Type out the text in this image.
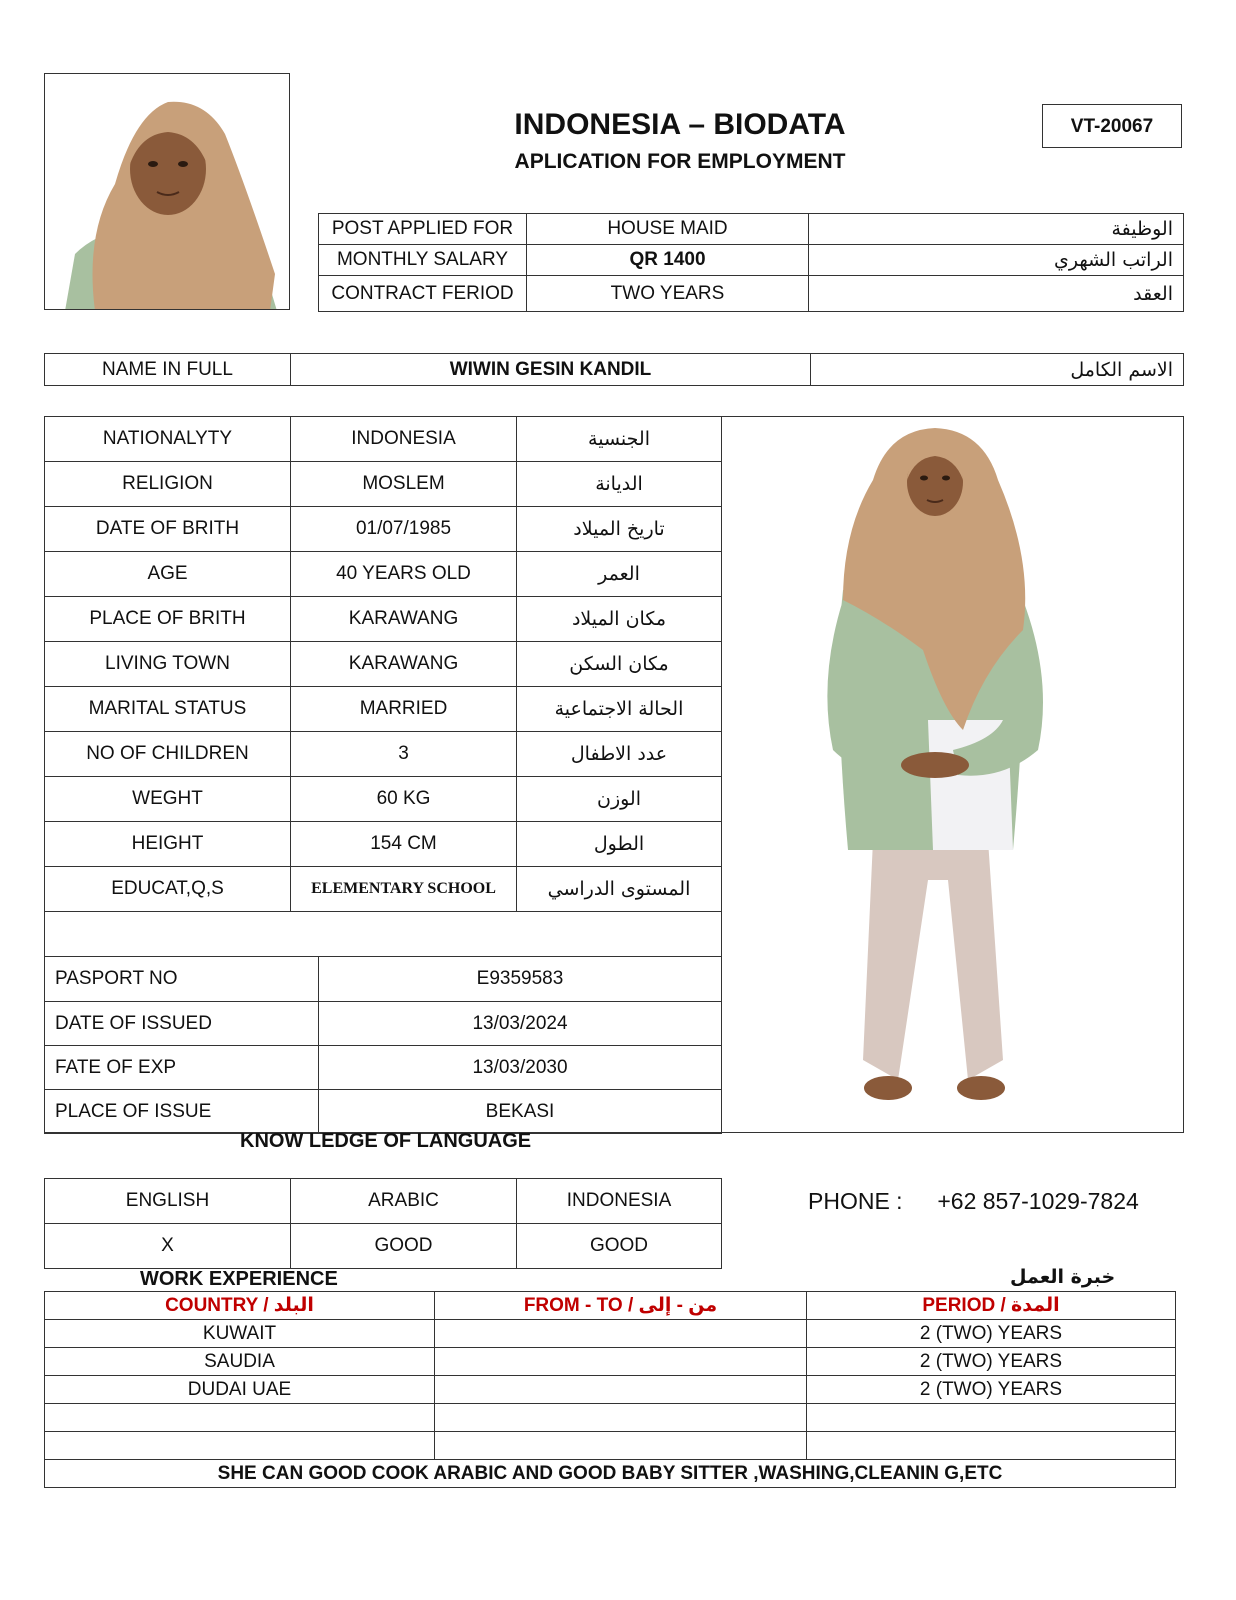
INDONESIA – BIODATA
APLICATION FOR EMPLOYMENT
VT-20067
POST APPLIED FOR	HOUSE MAID	الوظيفة
MONTHLY SALARY	QR 1400	الراتب الشهري
CONTRACT FERIOD	TWO YEARS	العقد
NAME IN FULL	WIWIN GESIN KANDIL	الاسم الكامل
NATIONALYTY	INDONESIA	الجنسية
RELIGION	MOSLEM	الديانة
DATE OF BRITH	01/07/1985	تاريخ الميلاد
AGE	40 YEARS OLD	العمر
PLACE OF BRITH	KARAWANG	مكان الميلاد
LIVING TOWN	KARAWANG	مكان السكن
MARITAL STATUS	MARRIED	الحالة الاجتماعية
NO OF CHILDREN	3	عدد الاطفال
WEGHT	60 KG	الوزن
HEIGHT	154 CM	الطول
EDUCAT,Q,S	ELEMENTARY SCHOOL	المستوى الدراسي

PASPORT NO	E9359583
DATE OF ISSUED	13/03/2024
FATE OF EXP	13/03/2030
PLACE OF ISSUE	BEKASI
KNOW LEDGE OF LANGUAGE
ENGLISH	ARABIC	INDONESIA
X	GOOD	GOOD
PHONE : +62 857-1029-7824
WORK EXPERIENCE	خبرة العمل
COUNTRY / البلد	FROM - TO / من - إلى	PERIOD / المدة
KUWAIT		2 (TWO) YEARS
SAUDIA		2 (TWO) YEARS
DUDAI UAE		2 (TWO) YEARS

SHE CAN GOOD COOK ARABIC AND GOOD BABY SITTER ,WASHING,CLEANIN G,ETC		
